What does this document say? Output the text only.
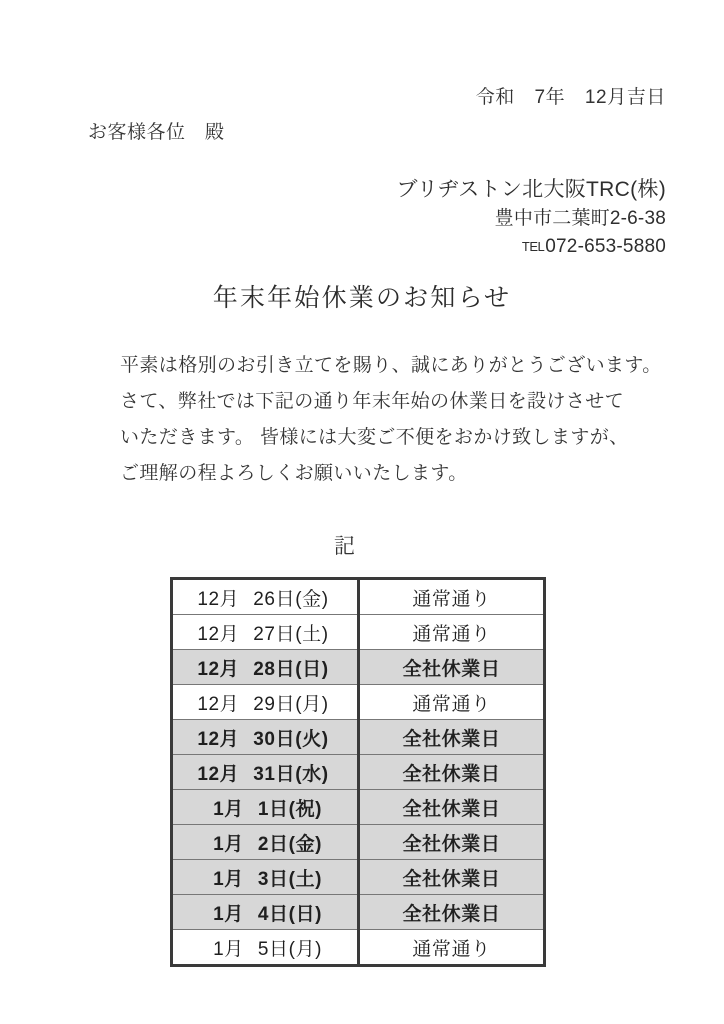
令和　7年　12月吉日
お客様各位　殿
ブリヂストン北大阪TRC(株)
豊中市二葉町2-6-38
TEL072-653-5880
年末年始休業のお知らせ
平素は格別のお引き立てを賜り、誠にありがとうございます。
さて、弊社では下記の通り年末年始の休業日を設けさせて
いただきます。 皆様には大変ご不便をおかけ致しますが、
ご理解の程よろしくお願いいたします。
記
12月 26日(金)	通常通り
12月 27日(土)	通常通り
12月 28日(日)	全社休業日
12月 29日(月)	通常通り
12月 30日(火)	全社休業日
12月 31日(水)	全社休業日
1月 1日(祝)	全社休業日
1月 2日(金)	全社休業日
1月 3日(土)	全社休業日
1月 4日(日)	全社休業日
1月 5日(月)	通常通り
